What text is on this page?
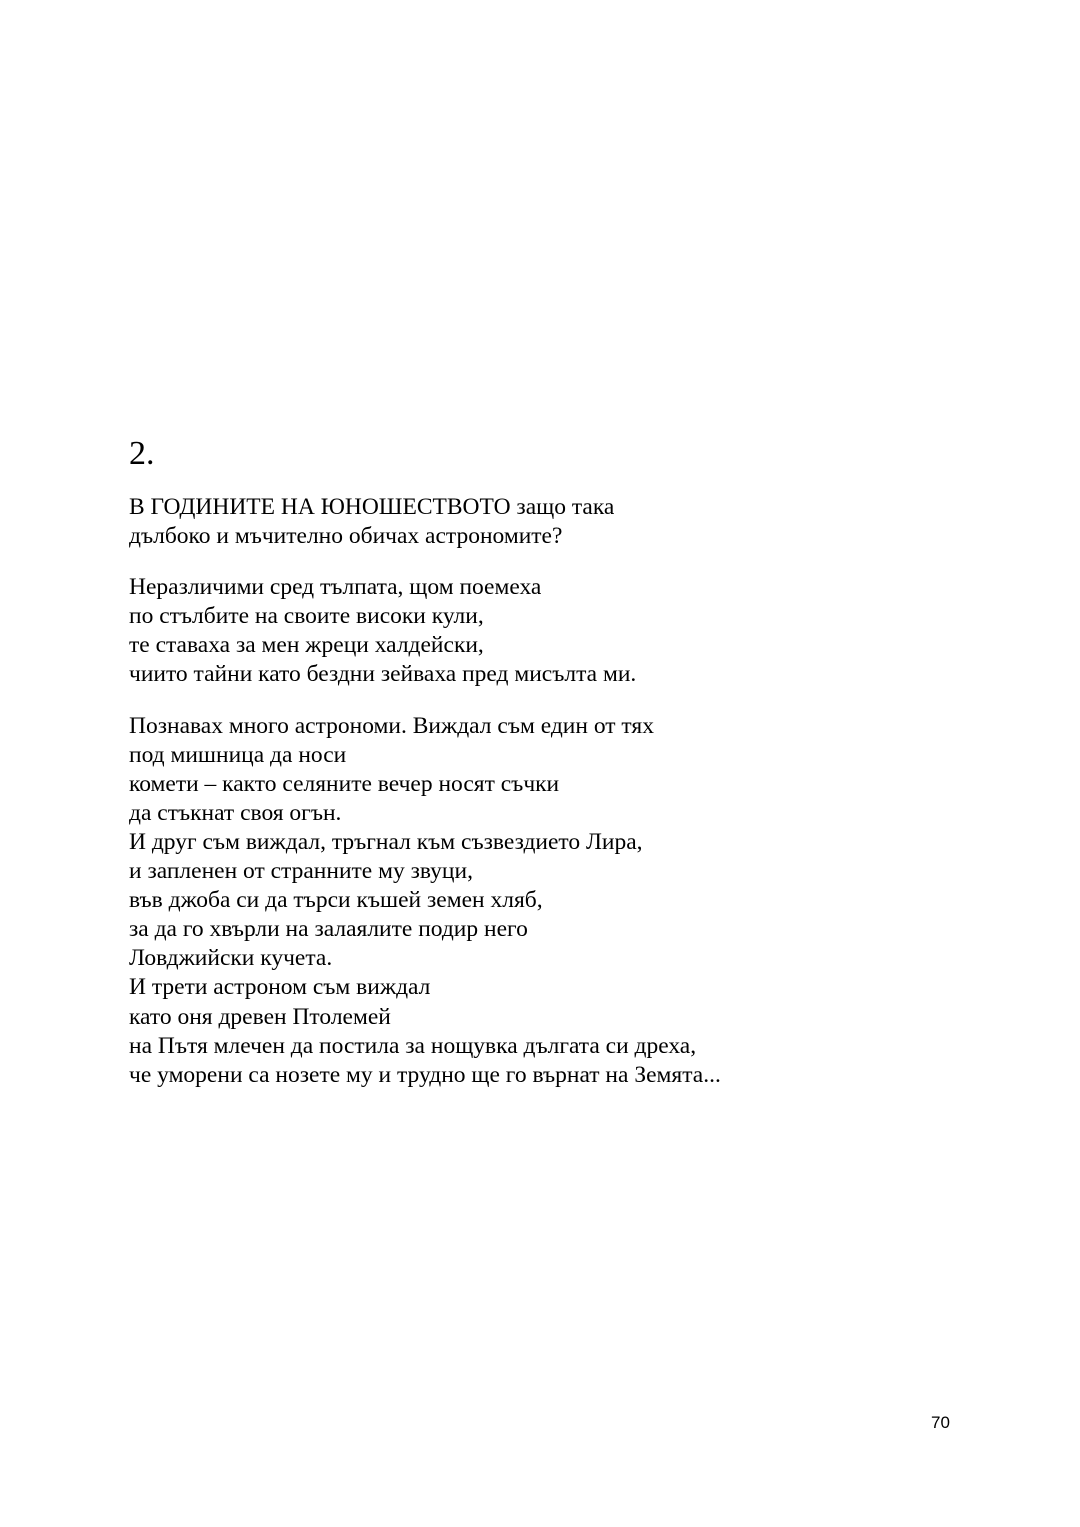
2.
В ГОДИНИТЕ НА ЮНОШЕСТВОТО защо така
дълбоко и мъчително обичах астрономите?
Неразличими сред тълпата, щом поемеха
по стълбите на своите високи кули,
те ставаха за мен жреци халдейски,
чиито тайни като бездни зейваха пред мисълта ми.
Познавах много астрономи. Виждал съм един от тях
под мишница да носи
комети – както селяните вечер носят съчки
да стъкнат своя огън.
И друг съм виждал, тръгнал към съзвездието Лира,
и запленен от странните му звуци,
във джоба си да търси къшей земен хляб,
за да го хвърли на залаялите подир него
Ловджийски кучета.
И трети астроном съм виждал
като оня древен Птолемей
на Пътя млечен да постила за нощувка дългата си дреха,
че уморени са нозете му и трудно ще го върнат на Земята...
70
